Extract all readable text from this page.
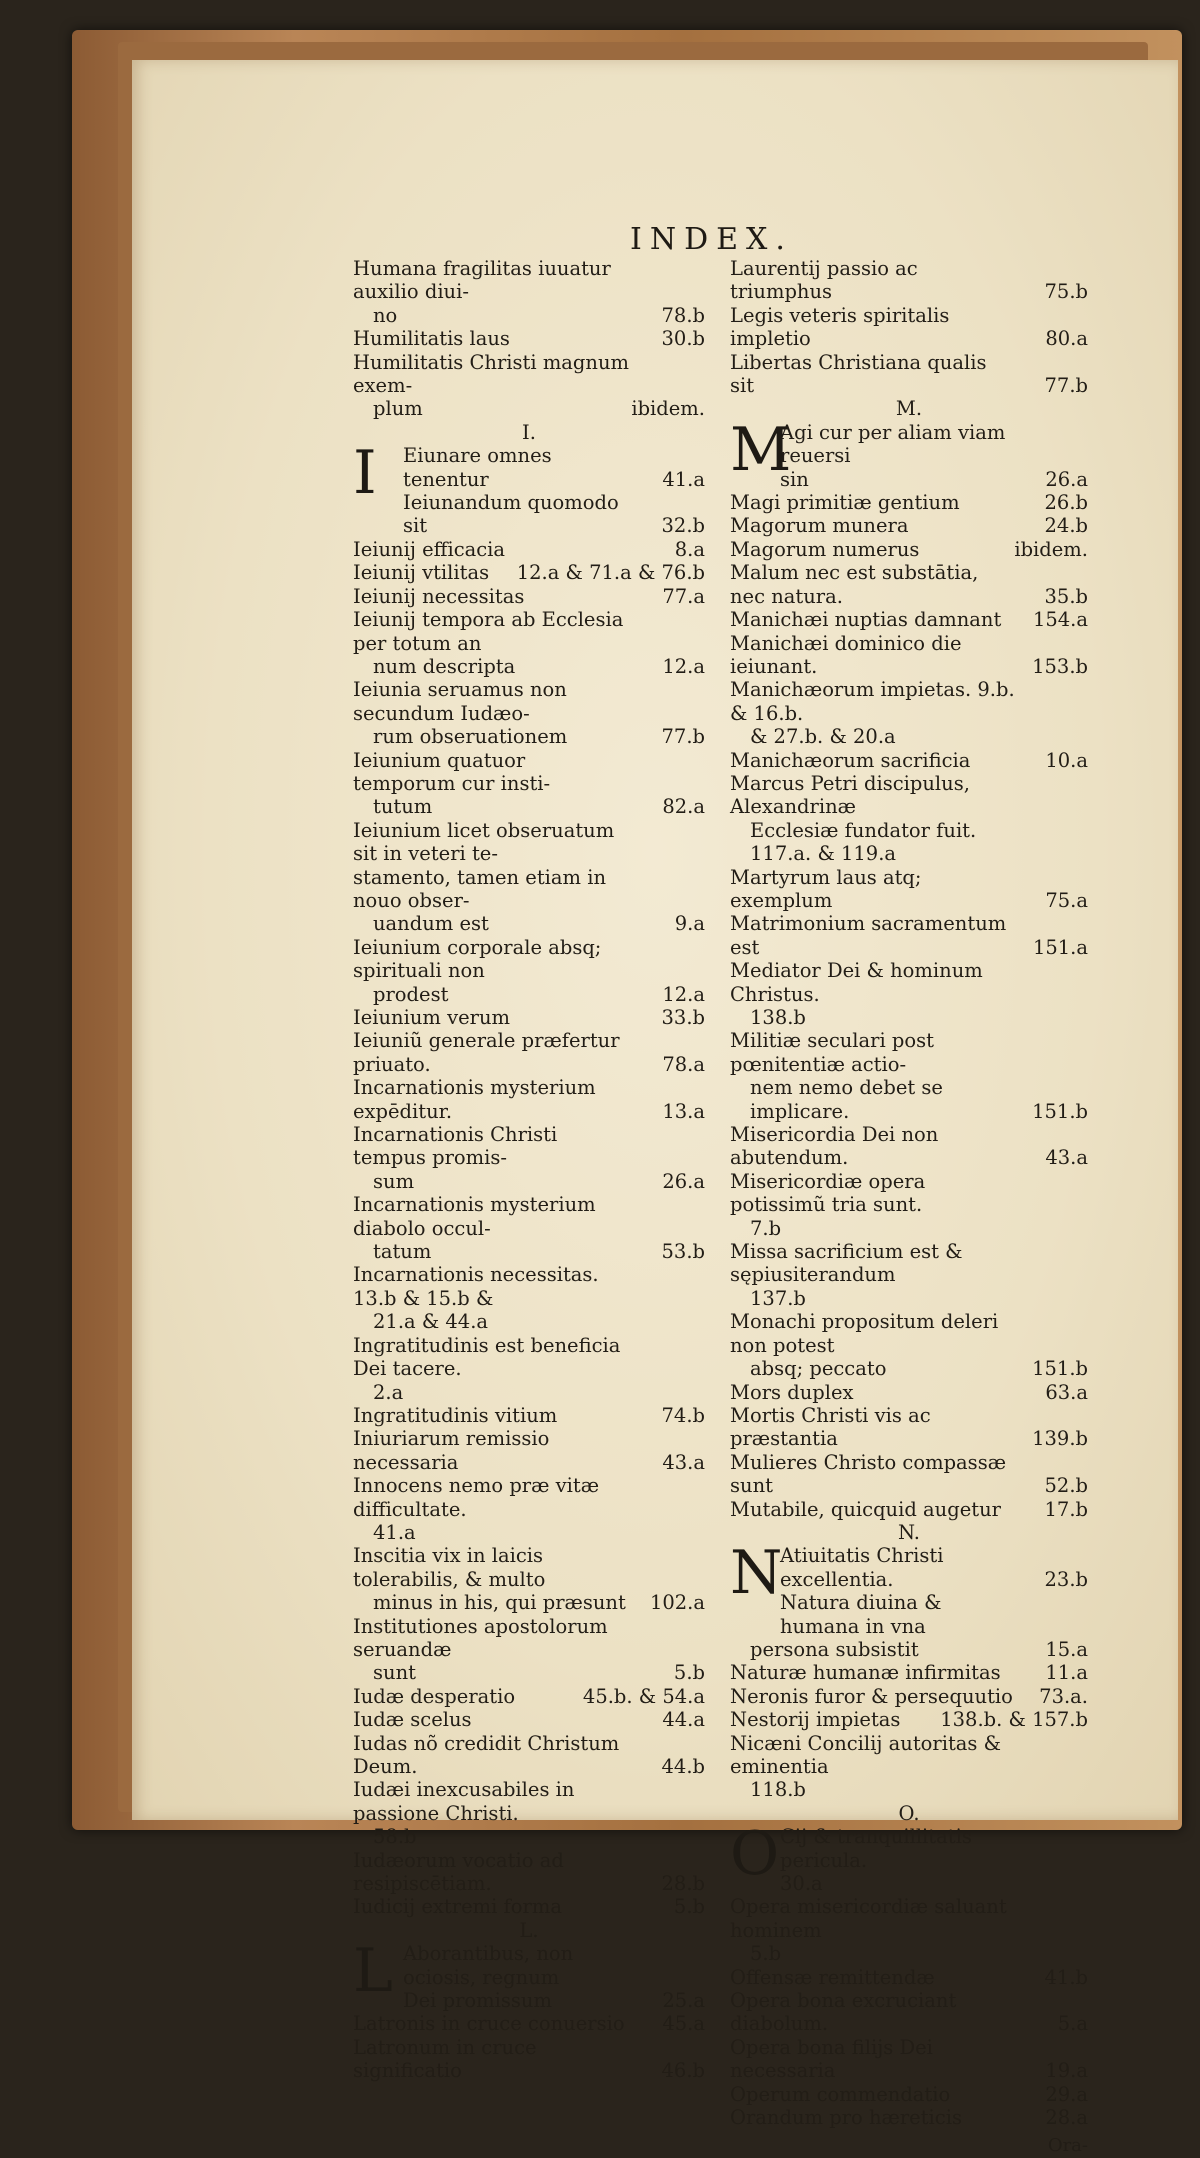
INDEX.
Humana fragilitas iuuatur auxilio diui-
no	78.b
Humilitatis laus	30.b
Humilitatis Christi magnum exem-
plum	ibidem.
I.
I Eiunare omnes tenentur	41.a
Ieiunandum quomodo sit	32.b
Ieiunij efficacia	8.a
Ieiunij vtilitas	12.a & 71.a & 76.b
Ieiunij necessitas	77.a
Ieiunij tempora ab Ecclesia per totum an
num descripta	12.a
Ieiunia seruamus non secundum Iudæo-
rum obseruationem	77.b
Ieiunium quatuor temporum cur insti-
tutum	82.a
Ieiunium licet obseruatum sit in veteri te-
stamento, tamen etiam in nouo obser-
uandum est	9.a
Ieiunium corporale absq; spirituali non
prodest	12.a
Ieiunium verum	33.b
Ieiuniũ generale præfertur priuato.	78.a
Incarnationis mysterium expēditur.	13.a
Incarnationis Christi tempus promis-
sum	26.a
Incarnationis mysterium diabolo occul-
tatum	53.b
Incarnationis necessitas. 13.b & 15.b &
21.a & 44.a
Ingratitudinis est beneficia Dei tacere.
2.a
Ingratitudinis vitium	74.b
Iniuriarum remissio necessaria	43.a
Innocens nemo præ vitæ difficultate.
41.a
Inscitia vix in laicis tolerabilis, & multo
minus in his, qui præsunt	102.a
Institutiones apostolorum seruandæ
sunt	5.b
Iudæ desperatio	45.b. & 54.a
Iudæ scelus	44.a
Iudas nõ credidit Christum Deum.	44.b
Iudæi inexcusabiles in passione Christi.
58.b
Iudæorum vocatio ad resipiscētiam.	28.b
Iudicij extremi forma	5.b
L.
L Aborantibus, non ociosis, regnum
Dei promissum	25.a
Latronis in cruce conuersio	45.a
Latronum in cruce significatio	46.b
Laurentij passio ac triumphus	75.b
Legis veteris spiritalis impletio	80.a
Libertas Christiana qualis sit	77.b
M.
M
Agi cur per aliam viam reuersi
sin	26.a
Magi primitiæ gentium	26.b
Magorum munera	24.b
Magorum numerus	ibidem.
Malum nec est substātia, nec natura.	35.b
Manichæi nuptias damnant	154.a
Manichæi dominico die ieiunant.	153.b
Manichæorum impietas. 9.b. & 16.b.
& 27.b. & 20.a
Manichæorum sacrificia	10.a
Marcus Petri discipulus, Alexandrinæ
Ecclesiæ fundator fuit. 117.a. & 119.a
Martyrum laus atq; exemplum	75.a
Matrimonium sacramentum est	151.a
Mediator Dei & hominum Christus.
138.b
Militiæ seculari post pœnitentiæ actio-
nem nemo debet se implicare.	151.b
Misericordia Dei non abutendum.	43.a
Misericordiæ opera potissimũ tria sunt.
7.b
Missa sacrificium est & sępiusiterandum
137.b
Monachi propositum deleri non potest
absq; peccato	151.b
Mors duplex	63.a
Mortis Christi vis ac præstantia	139.b
Mulieres Christo compassæ sunt	52.b
Mutabile, quicquid augetur	17.b
N.
N
Atiuitatis Christi excellentia.	23.b
Natura diuina & humana in vna
persona subsistit	15.a
Naturæ humanæ infirmitas	11.a
Neronis furor & persequutio	73.a.
Nestorij impietas	138.b. & 157.b
Nicæni Concilij autoritas & eminentia
118.b
O.
O Cij & tranquillitatis pericula.
30.a
Opera misericordiæ saluant hominem
5.b
Offensæ remittendæ	41.b
Opera bona excruciant diabolum.	5.a
Opera bona filijs Dei necessaria	19.a
Operum commendatio	29.a
Orandum pro hæreticis	28.a
Ora-
